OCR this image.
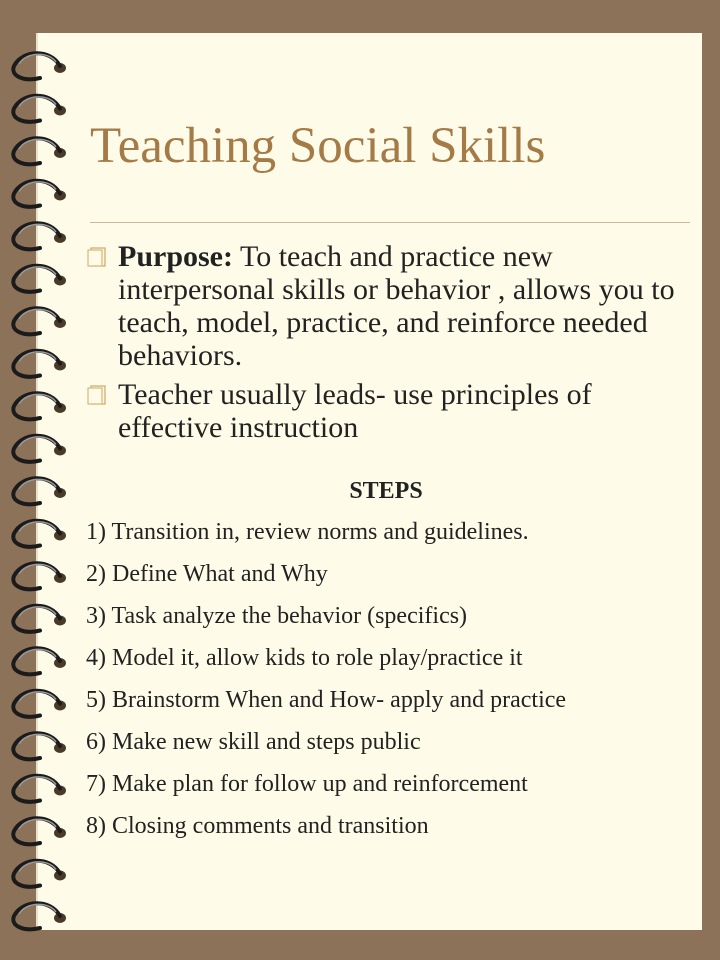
Teaching Social Skills
Purpose: To teach and practice new interpersonal skills or behavior , allows you to teach, model, practice, and reinforce needed behaviors.
Teacher usually leads- use principles of effective instruction
STEPS
1) Transition in, review norms and guidelines.
2) Define What and Why
3) Task analyze the behavior (specifics)
4) Model it, allow kids to role play/practice it
5) Brainstorm When and How- apply and practice
6) Make new skill and steps public
7) Make plan for follow up and reinforcement
8) Closing comments and transition
